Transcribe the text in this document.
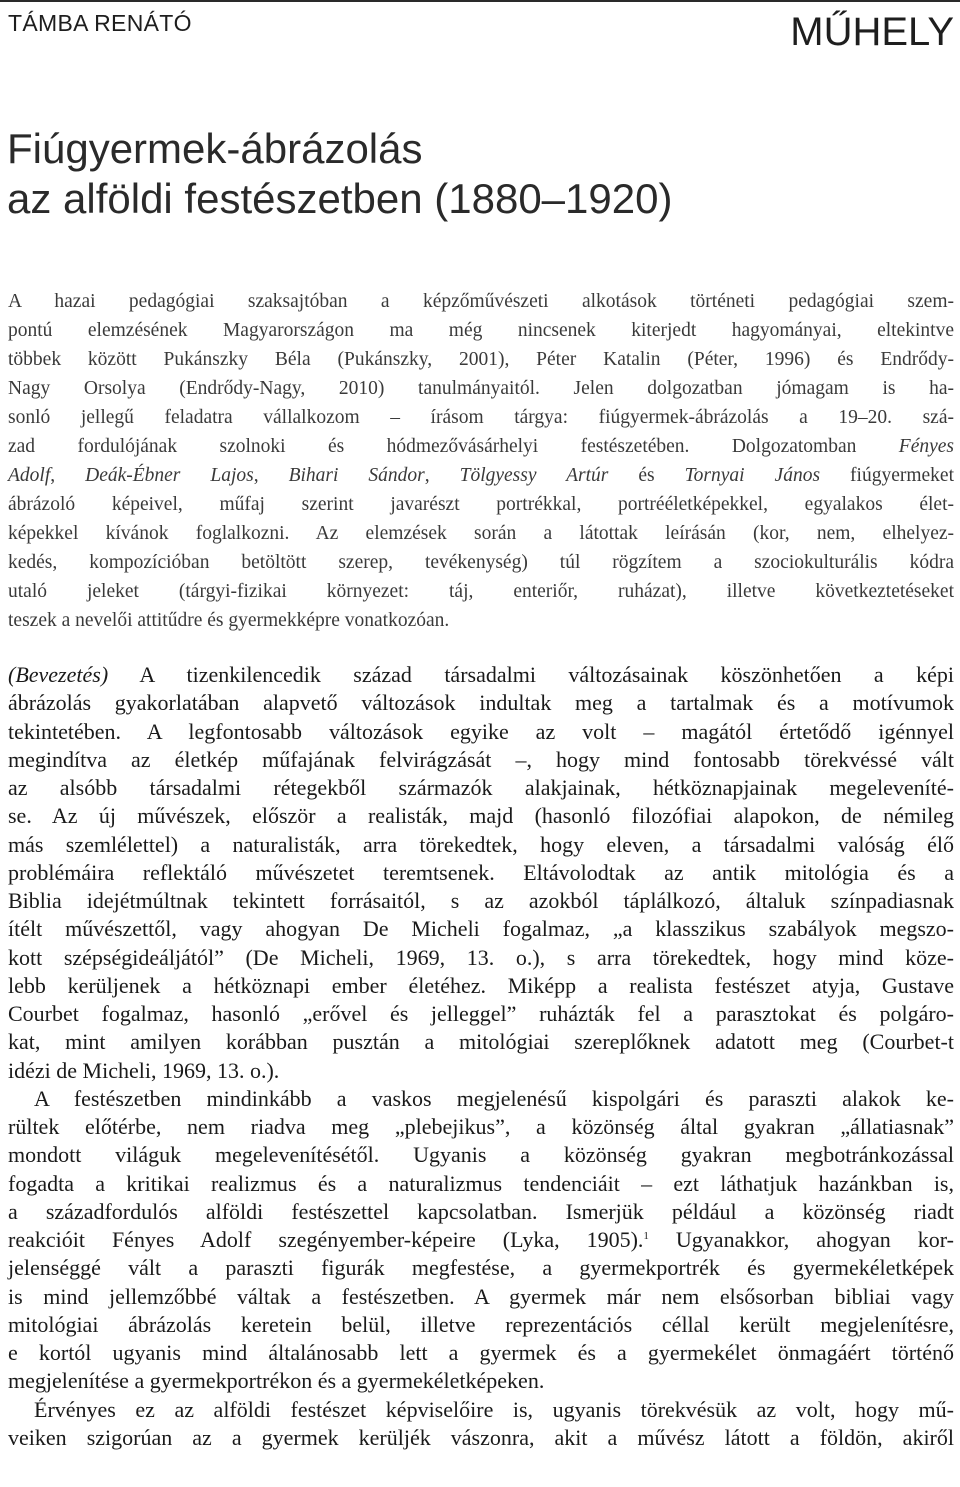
TÁMBA RENÁTÓ	MŰHELY
Fiúgyermek-ábrázolás
az alföldi festészetben (1880–1920)
A hazai pedagógiai szaksajtóban a képzőművészeti alkotások történeti pedagógiai szem-
pontú elemzésének Magyarországon ma még nincsenek kiterjedt hagyományai, eltekintve
többek között Pukánszky Béla (Pukánszky, 2001), Péter Katalin (Péter, 1996) és Endrődy-
Nagy Orsolya (Endrődy-Nagy, 2010) tanulmányaitól. Jelen dolgozatban jómagam is ha-
sonló jellegű feladatra vállalkozom – írásom tárgya: fiúgyermek-ábrázolás a 19–20. szá-
zad fordulójának szolnoki és hódmezővásárhelyi festészetében. Dolgozatomban Fényes
Adolf, Deák-Ébner Lajos, Bihari Sándor, Tölgyessy Artúr és Tornyai János fiúgyermeket
ábrázoló képeivel, műfaj szerint javarészt portrékkal, portrééletképekkel, egyalakos élet-
képekkel kívánok foglalkozni. Az elemzések során a látottak leírásán (kor, nem, elhelyez-
kedés, kompozícióban betöltött szerep, tevékenység) túl rögzítem a szociokulturális kódra
utaló jeleket (tárgyi-fizikai környezet: táj, enteriőr, ruházat), illetve következtetéseket
teszek a nevelői attitűdre és gyermekképre vonatkozóan.
(Bevezetés) A tizenkilencedik század társadalmi változásainak köszönhetően a képi
ábrázolás gyakorlatában alapvető változások indultak meg a tartalmak és a motívumok
tekintetében. A legfontosabb változások egyike az volt – magától értetődő igénnyel
megindítva az életkép műfajának felvirágzását –, hogy mind fontosabb törekvéssé vált
az alsóbb társadalmi rétegekből származók alakjainak, hétköznapjainak megeleveníté-
se. Az új művészek, először a realisták, majd (hasonló filozófiai alapokon, de némileg
más szemlélettel) a naturalisták, arra törekedtek, hogy eleven, a társadalmi valóság élő
problémáira reflektáló művészetet teremtsenek. Eltávolodtak az antik mitológia és a
Biblia idejétmúltnak tekintett forrásaitól, s az azokból táplálkozó, általuk színpadiasnak
ítélt művészettől, vagy ahogyan De Micheli fogalmaz, „a klasszikus szabályok megszo-
kott szépségideáljától” (De Micheli, 1969, 13. o.), s arra törekedtek, hogy mind köze-
lebb kerüljenek a hétköznapi ember életéhez. Miképp a realista festészet atyja, Gustave
Courbet fogalmaz, hasonló „erővel és jelleggel” ruházták fel a parasztokat és polgáro-
kat, mint amilyen korábban pusztán a mitológiai szereplőknek adatott meg (Courbet-t
idézi de Micheli, 1969, 13. o.).
A festészetben mindinkább a vaskos megjelenésű kispolgári és paraszti alakok ke-
rültek előtérbe, nem riadva meg „plebejikus”, a közönség által gyakran „állatiasnak”
mondott világuk megelevenítésétől. Ugyanis a közönség gyakran megbotránkozással
fogadta a kritikai realizmus és a naturalizmus tendenciáit – ezt láthatjuk hazánkban is,
a századfordulós alföldi festészettel kapcsolatban. Ismerjük például a közönség riadt
reakcióit Fényes Adolf szegényember-képeire (Lyka, 1905).$^1$ Ugyanakkor, ahogyan kor-
jelenséggé vált a paraszti figurák megfestése, a gyermekportrék és gyermekéletképek
is mind jellemzőbbé váltak a festészetben. A gyermek már nem elsősorban bibliai vagy
mitológiai ábrázolás keretein belül, illetve reprezentációs céllal került megjelenítésre,
e kortól ugyanis mind általánosabb lett a gyermek és a gyermekélet önmagáért történő
megjelenítése a gyermekportrékon és a gyermekéletképeken.
Érvényes ez az alföldi festészet képviselőire is, ugyanis törekvésük az volt, hogy mű-
veiken szigorúan az a gyermek kerüljék vászonra, akit a művész látott a földön, akiről
